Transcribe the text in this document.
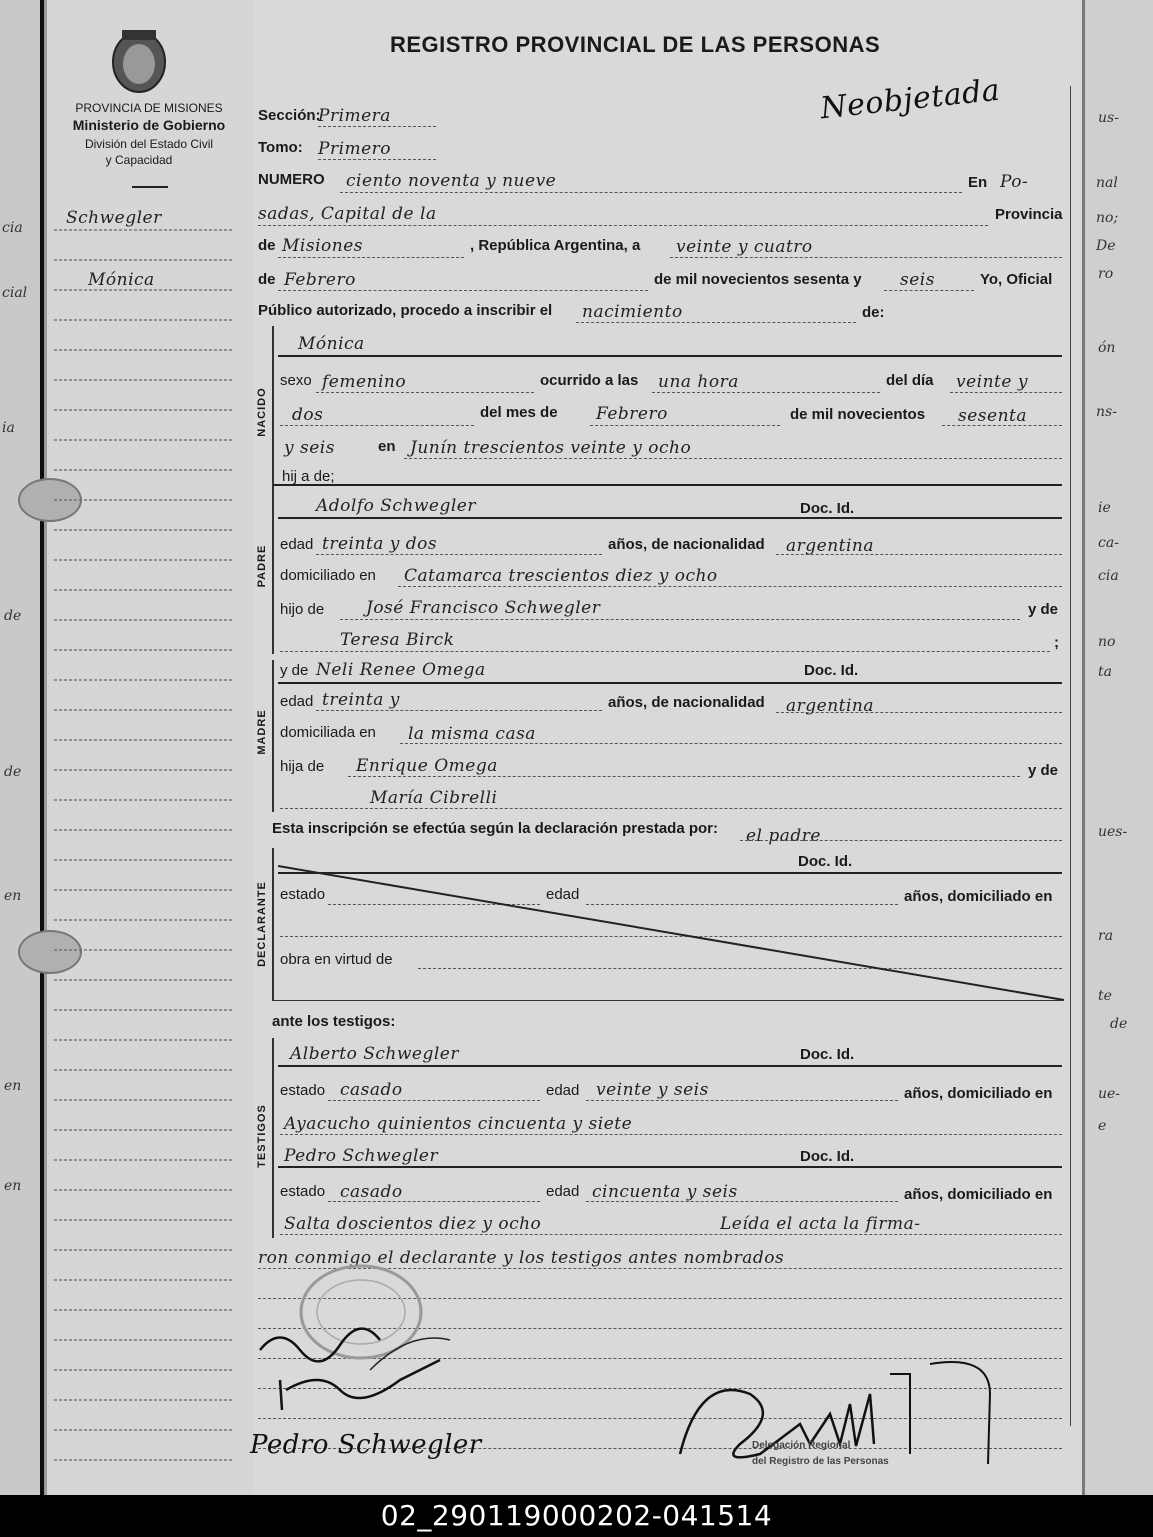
02_290119000202-041514
cia
cial
ia
de
de
en
en
en
PROVINCIA DE MISIONES
Ministerio de Gobierno
División del Estado Civil
y Capacidad
Schwegler
Mónica
REGISTRO PROVINCIAL DE LAS PERSONAS
Neobjetada	us-
nal
no;
De
ro
ón
ns-
ie
ca-
cia
no
ta
ues-
ra
te
de
ue-
e
Sección:
Primera
Tomo: Primero
NUMERO ciento noventa y nueve	En Po-
sadas, Capital de la	Provincia
de Misiones	, República Argentina, a veinte y cuatro
de Febrero	de mil novecientos sesenta y seis	Yo, Oficial
Público autorizado, procedo a inscribir el nacimiento	de:
NACIDO
Mónica
sexo femenino	ocurrido a las una hora	del día veinte y
dos	del mes de Febrero	de mil novecientos sesenta
y seis	en Junín trescientos veinte y ocho
hij a de;
PADRE
Adolfo Schwegler	Doc. Id.
edad treinta y dos	años, de nacionalidad argentina
domiciliado en Catamarca trescientos diez y ocho
hijo de José Francisco Schwegler	y de
Teresa Birck	;
MADRE
y de Neli Renee Omega	Doc. Id.
edad treinta y	años, de nacionalidad argentina
domiciliada en la misma casa
hija de Enrique Omega	y de
María Cibrelli
Esta inscripción se efectúa según la declaración prestada por: el padre
DECLARANTE
Doc. Id.
estado	edad	años, domiciliado en
obra en virtud de
ante los testigos:
TESTIGOS
Alberto Schwegler	Doc. Id.
estado casado	edad veinte y seis	años, domiciliado en
Ayacucho quinientos cincuenta y siete
Pedro Schwegler	Doc. Id.
estado casado	edad cincuenta y seis	años, domiciliado en
Salta doscientos diez y ocho	Leída el acta la firma-
ron conmigo el declarante y los testigos antes nombrados
Pedro Schwegler	Delegación Regional
del Registro de las Personas
